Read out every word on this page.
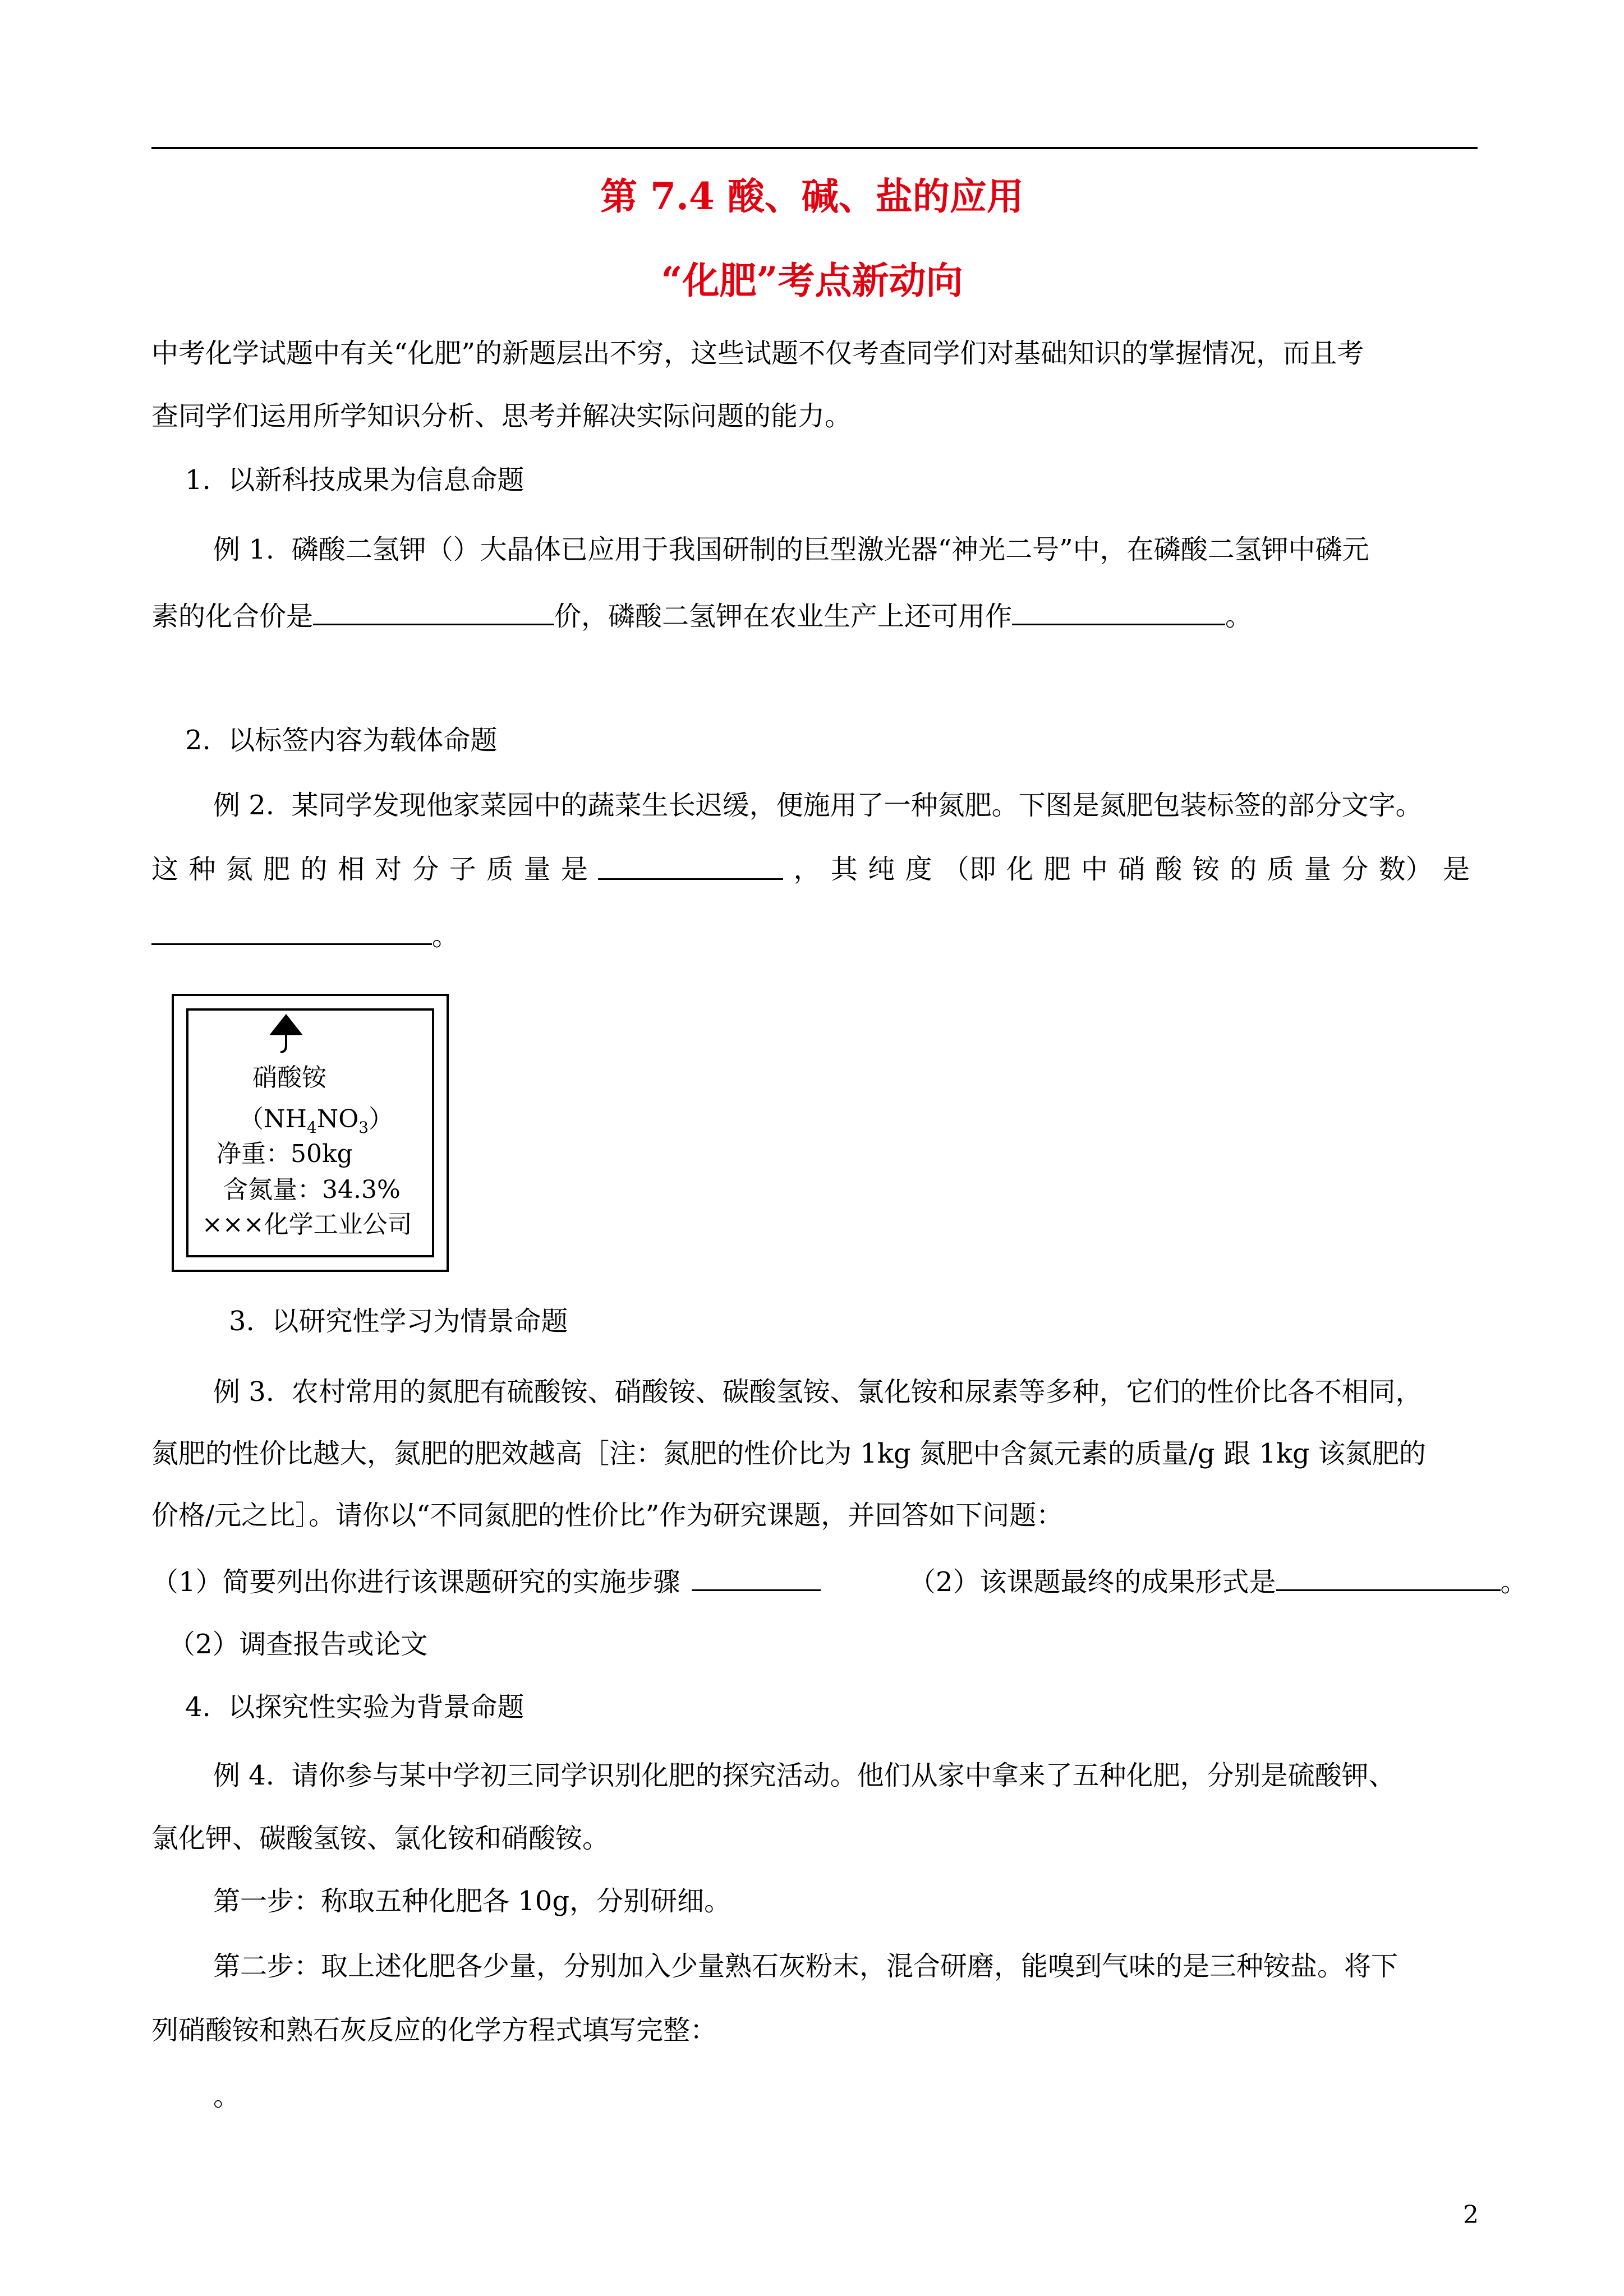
第 7.4 酸、碱、盐的应用
“化肥”考点新动向
中考化学试题中有关“化肥”的新题层出不穷，这些试题不仅考查同学们对基础知识的掌握情况，而且考
查同学们运用所学知识分析、思考并解决实际问题的能力。
1.  以新科技成果为信息命题
例 1.  磷酸二氢钾（）大晶体已应用于我国研制的巨型激光器“神光二号”中，在磷酸二氢钾中磷元
素的化合价是	价，磷酸二氢钾在农业生产上还可用作	。
2.  以标签内容为载体命题
例 2.  某同学发现他家菜园中的蔬菜生长迟缓，便施用了一种氮肥。下图是氮肥包装标签的部分文字。
这 种 氮 肥 的 相 对 分 子 质 量 是	， 其 纯 度 （即 化 肥 中 硝 酸 铵 的 质 量 分 数） 是
。
硝酸铵
$(NH_4NO_3)$
净重：50kg
含氮量：34.3%
×××化学工业公司
3.  以研究性学习为情景命题
例 3.  农村常用的氮肥有硫酸铵、硝酸铵、碳酸氢铵、氯化铵和尿素等多种，它们的性价比各不相同，
氮肥的性价比越大，氮肥的肥效越高［注：氮肥的性价比为 1kg 氮肥中含氮元素的质量/g 跟 1kg 该氮肥的
价格/元之比］。请你以“不同氮肥的性价比”作为研究课题，并回答如下问题：
（1）简要列出你进行该课题研究的实施步骤	（2）该课题最终的成果形式是	。
（2）调查报告或论文
4.  以探究性实验为背景命题
例 4.  请你参与某中学初三同学识别化肥的探究活动。他们从家中拿来了五种化肥，分别是硫酸钾、
氯化钾、碳酸氢铵、氯化铵和硝酸铵。
第一步：称取五种化肥各 10g，分别研细。
第二步：取上述化肥各少量，分别加入少量熟石灰粉末，混合研磨，能嗅到气味的是三种铵盐。将下
列硝酸铵和熟石灰反应的化学方程式填写完整：
。
2
